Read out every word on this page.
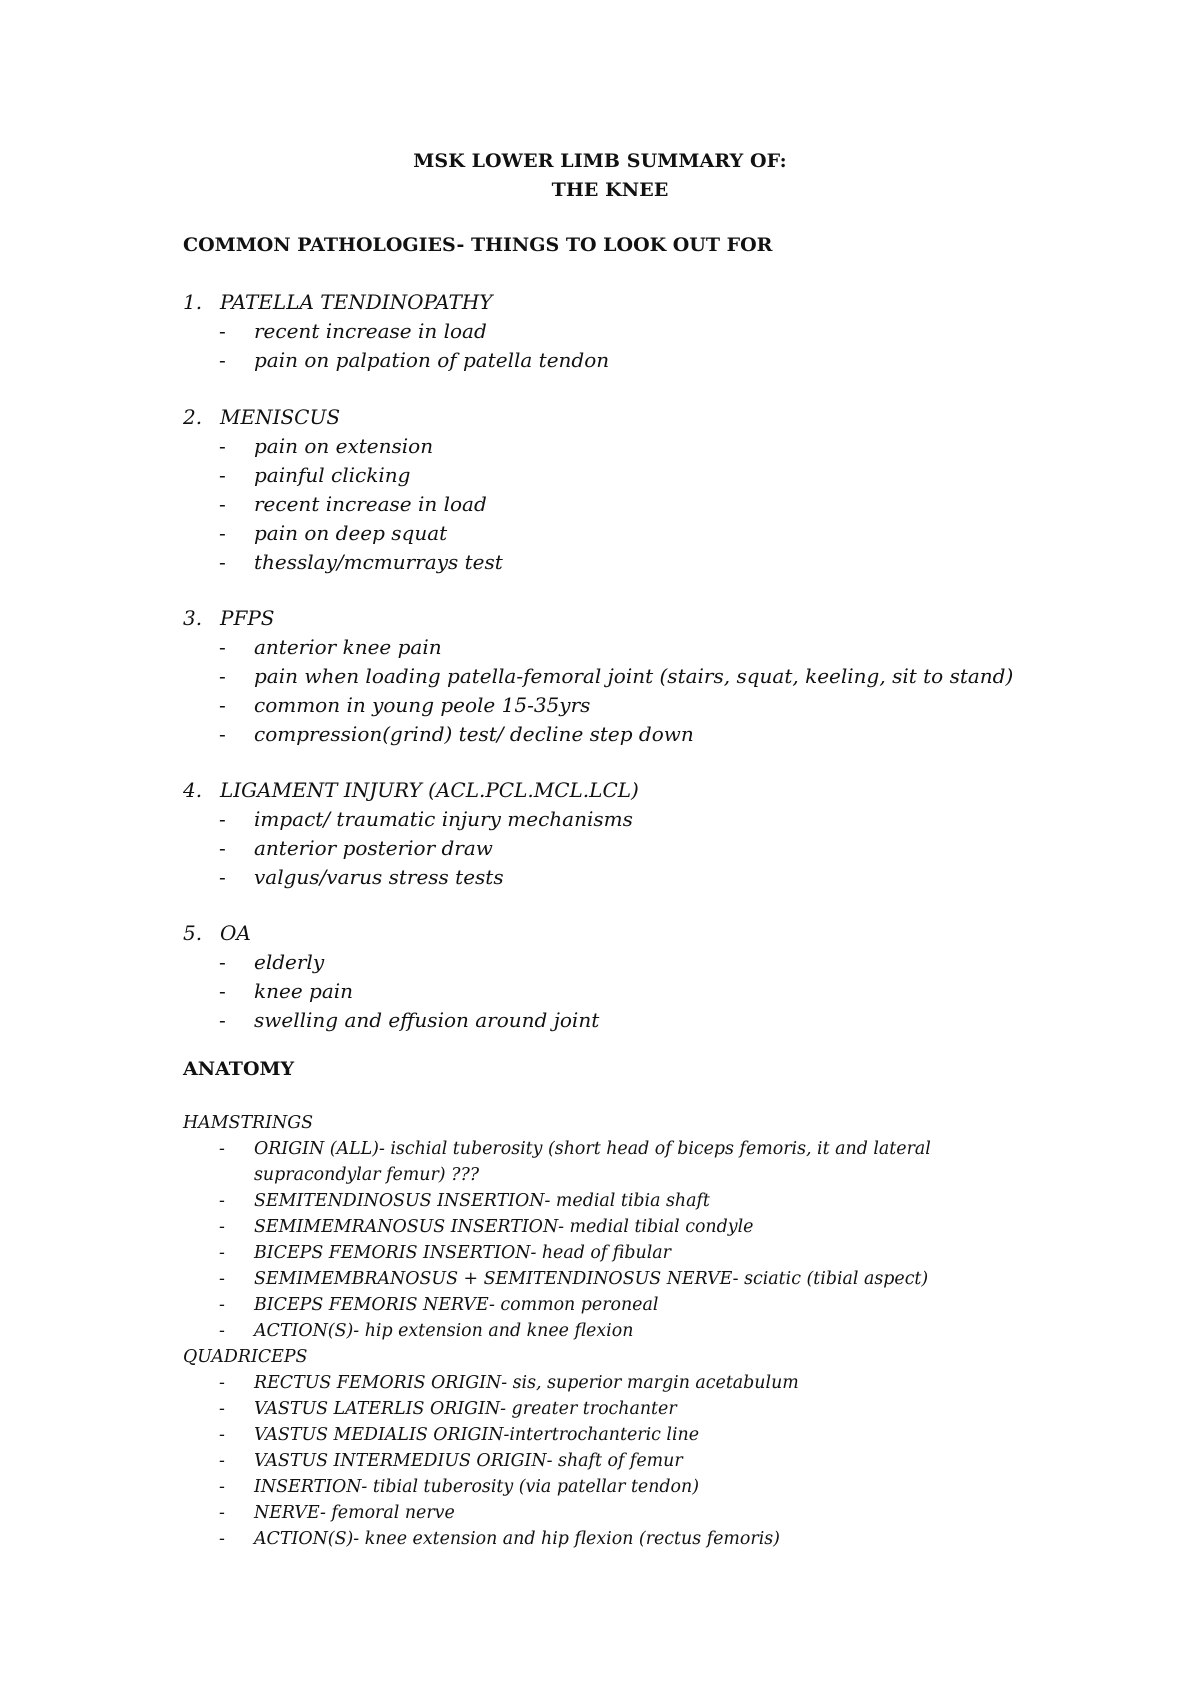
MSK LOWER LIMB SUMMARY OF:
THE KNEE
COMMON PATHOLOGIES- THINGS TO LOOK OUT FOR
1. PATELLA TENDINOPATHY
- recent increase in load
- pain on palpation of patella tendon
2. MENISCUS
- pain on extension
- painful clicking
- recent increase in load
- pain on deep squat
- thesslay/mcmurrays test
3. PFPS
- anterior knee pain
- pain when loading patella-femoral joint (stairs, squat, keeling, sit to stand)
- common in young peole 15-35yrs
- compression(grind) test/ decline step down
4. LIGAMENT INJURY (ACL.PCL.MCL.LCL)
- impact/ traumatic injury mechanisms
- anterior posterior draw
- valgus/varus stress tests
5. OA
- elderly
- knee pain
- swelling and effusion around joint
ANATOMY
HAMSTRINGS
- ORIGIN (ALL)- ischial tuberosity (short head of biceps femoris, it and lateral
supracondylar femur) ???
- SEMITENDINOSUS INSERTION- medial tibia shaft
- SEMIMEMRANOSUS INSERTION- medial tibial condyle
- BICEPS FEMORIS INSERTION- head of fibular
- SEMIMEMBRANOSUS + SEMITENDINOSUS NERVE- sciatic (tibial aspect)
- BICEPS FEMORIS NERVE- common peroneal
- ACTION(S)- hip extension and knee flexion
QUADRICEPS
- RECTUS FEMORIS ORIGIN- sis, superior margin acetabulum
- VASTUS LATERLIS ORIGIN- greater trochanter
- VASTUS MEDIALIS ORIGIN-intertrochanteric line
- VASTUS INTERMEDIUS ORIGIN- shaft of femur
- INSERTION- tibial tuberosity (via patellar tendon)
- NERVE- femoral nerve
- ACTION(S)- knee extension and hip flexion (rectus femoris)
